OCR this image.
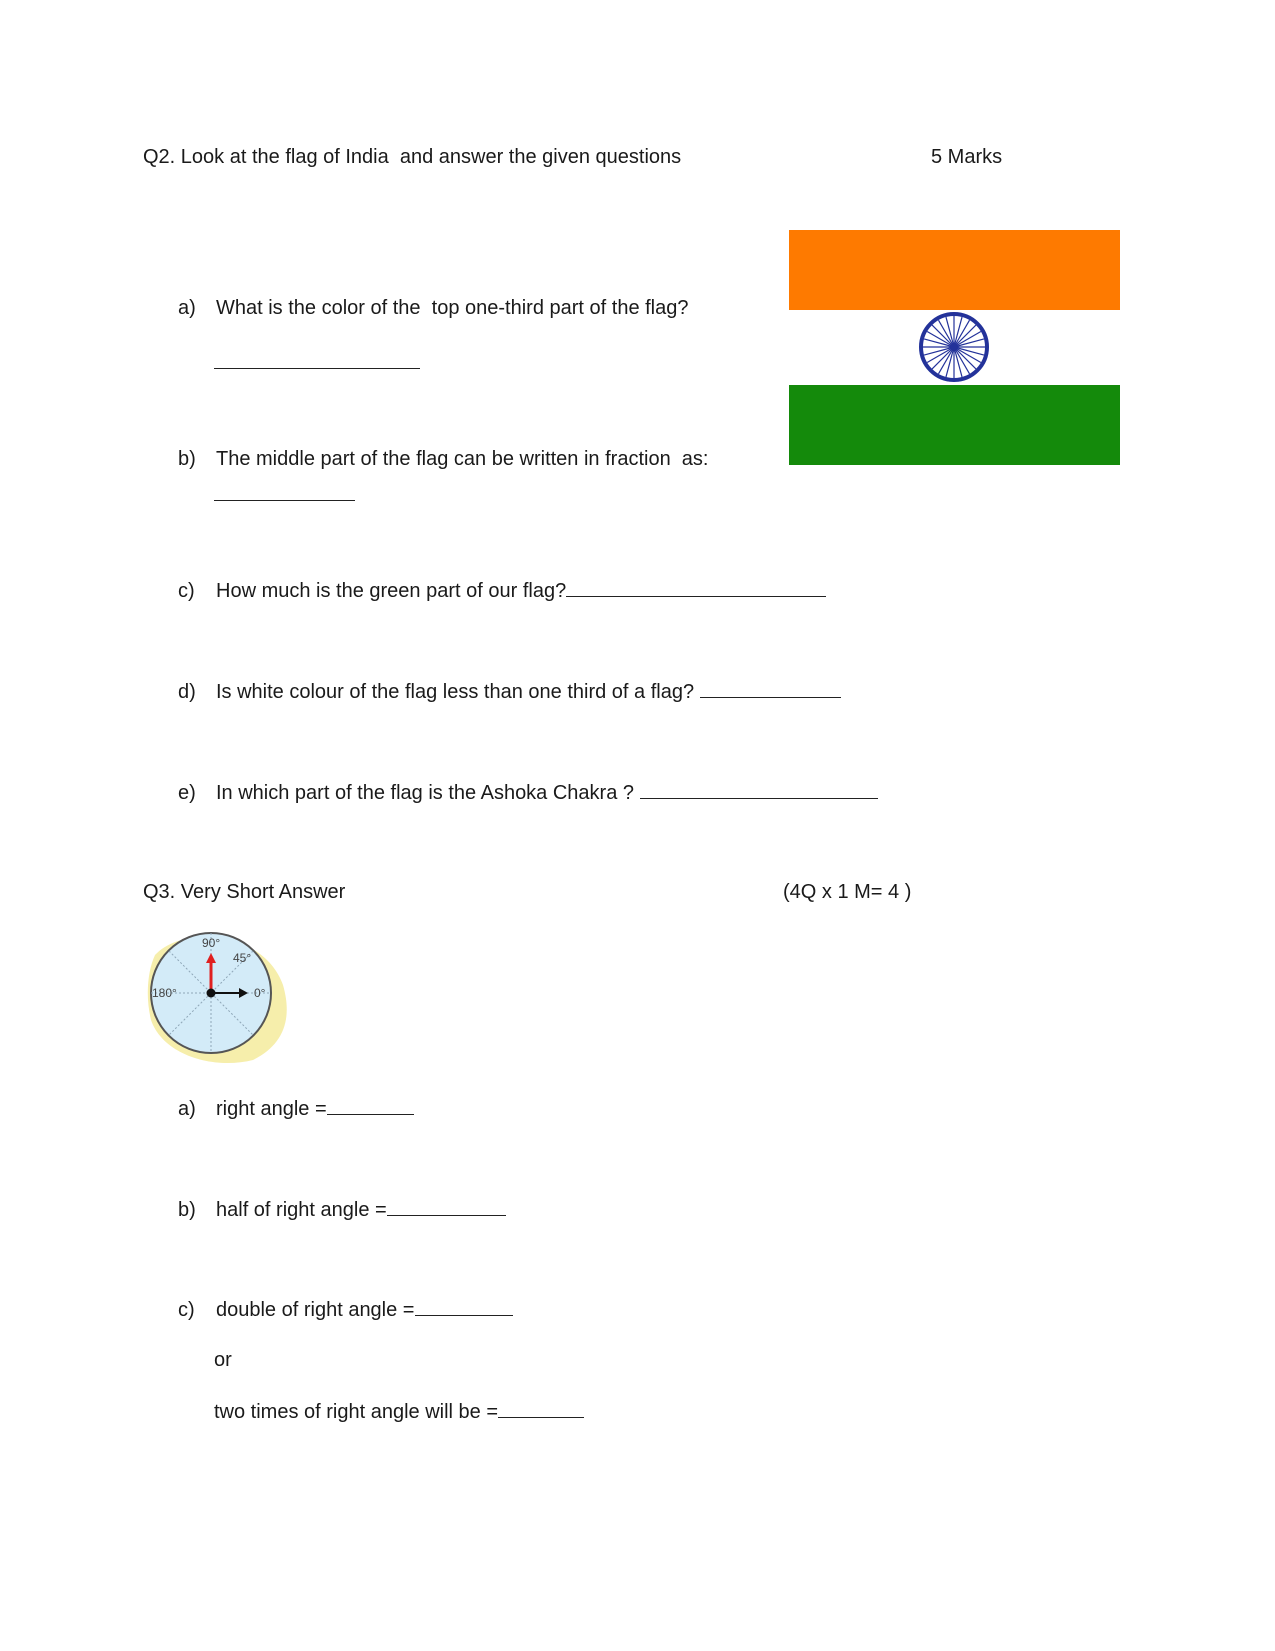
Q2. Look at the flag of India  and answer the given questions	5 Marks
a) What is the color of the  top one-third part of the flag?
b) The middle part of the flag can be written in fraction  as:
c) How much is the green part of our flag?
d) Is white colour of the flag less than one third of a flag?
e) In which part of the flag is the Ashoka Chakra ?
Q3. Very Short Answer	(4Q x 1 M= 4 )
90°
45°
180°	0°
a) right angle =
b) half of right angle =
c) double of right angle =
or
two times of right angle will be =
